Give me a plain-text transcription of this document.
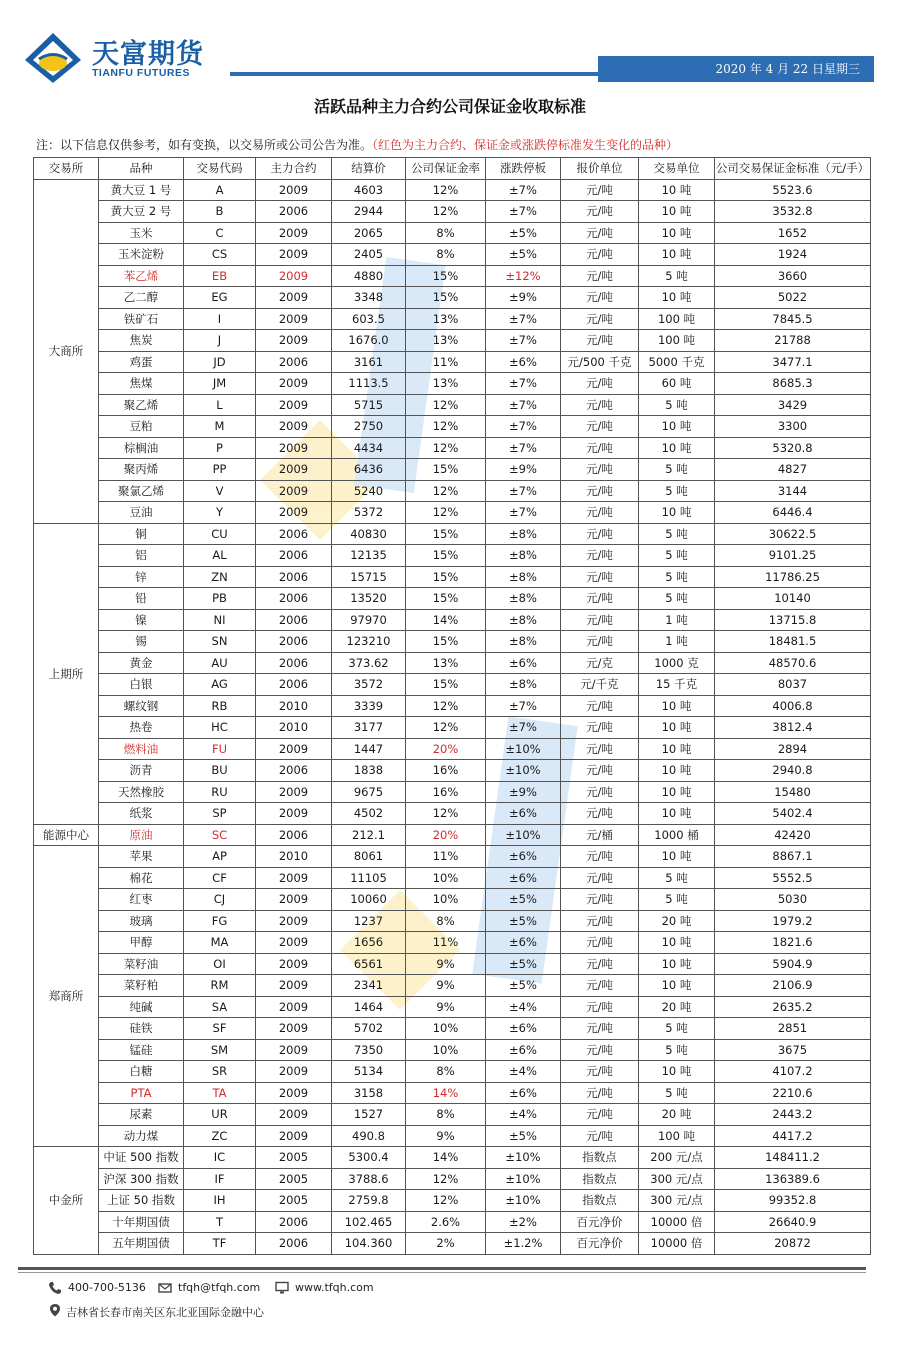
天富期货
TIANFU FUTURES	2020 年 4 月 22 日星期三
活跃品种主力合约公司保证金收取标准
注：以下信息仅供参考，如有变换，以交易所或公司公告为准。（红色为主力合约、保证金或涨跌停标准发生变化的品种）
交易所	品种	交易代码	主力合约	结算价	公司保证金率	涨跌停板	报价单位	交易单位	公司交易保证金标准（元/手）
大商所	黄大豆 1 号	A	2009	4603	12%	±7%	元/吨	10 吨	5523.6
	黄大豆 2 号	B	2006	2944	12%	±7%	元/吨	10 吨	3532.8
	玉米	C	2009	2065	8%	±5%	元/吨	10 吨	1652
	玉米淀粉	CS	2009	2405	8%	±5%	元/吨	10 吨	1924
	苯乙烯	EB	2009	4880	15%	±12%	元/吨	5 吨	3660
	乙二醇	EG	2009	3348	15%	±9%	元/吨	10 吨	5022
	铁矿石	I	2009	603.5	13%	±7%	元/吨	100 吨	7845.5
	焦炭	J	2009	1676.0	13%	±7%	元/吨	100 吨	21788
	鸡蛋	JD	2006	3161	11%	±6%	元/500 千克	5000 千克	3477.1
	焦煤	JM	2009	1113.5	13%	±7%	元/吨	60 吨	8685.3
	聚乙烯	L	2009	5715	12%	±7%	元/吨	5 吨	3429
	豆粕	M	2009	2750	12%	±7%	元/吨	10 吨	3300
	棕榈油	P	2009	4434	12%	±7%	元/吨	10 吨	5320.8
	聚丙烯	PP	2009	6436	15%	±9%	元/吨	5 吨	4827
	聚氯乙烯	V	2009	5240	12%	±7%	元/吨	5 吨	3144
	豆油	Y	2009	5372	12%	±7%	元/吨	10 吨	6446.4
上期所	铜	CU	2006	40830	15%	±8%	元/吨	5 吨	30622.5
	铝	AL	2006	12135	15%	±8%	元/吨	5 吨	9101.25
	锌	ZN	2006	15715	15%	±8%	元/吨	5 吨	11786.25
	铅	PB	2006	13520	15%	±8%	元/吨	5 吨	10140
	镍	NI	2006	97970	14%	±8%	元/吨	1 吨	13715.8
	锡	SN	2006	123210	15%	±8%	元/吨	1 吨	18481.5
	黄金	AU	2006	373.62	13%	±6%	元/克	1000 克	48570.6
	白银	AG	2006	3572	15%	±8%	元/千克	15 千克	8037
	螺纹钢	RB	2010	3339	12%	±7%	元/吨	10 吨	4006.8
	热卷	HC	2010	3177	12%	±7%	元/吨	10 吨	3812.4
	燃料油	FU	2009	1447	20%	±10%	元/吨	10 吨	2894
	沥青	BU	2006	1838	16%	±10%	元/吨	10 吨	2940.8
	天然橡胶	RU	2009	9675	16%	±9%	元/吨	10 吨	15480
	纸浆	SP	2009	4502	12%	±6%	元/吨	10 吨	5402.4
能源中心	原油	SC	2006	212.1	20%	±10%	元/桶	1000 桶	42420
郑商所	苹果	AP	2010	8061	11%	±6%	元/吨	10 吨	8867.1
	棉花	CF	2009	11105	10%	±6%	元/吨	5 吨	5552.5
	红枣	CJ	2009	10060	10%	±5%	元/吨	5 吨	5030
	玻璃	FG	2009	1237	8%	±5%	元/吨	20 吨	1979.2
	甲醇	MA	2009	1656	11%	±6%	元/吨	10 吨	1821.6
	菜籽油	OI	2009	6561	9%	±5%	元/吨	10 吨	5904.9
	菜籽粕	RM	2009	2341	9%	±5%	元/吨	10 吨	2106.9
	纯碱	SA	2009	1464	9%	±4%	元/吨	20 吨	2635.2
	硅铁	SF	2009	5702	10%	±6%	元/吨	5 吨	2851
	锰硅	SM	2009	7350	10%	±6%	元/吨	5 吨	3675
	白糖	SR	2009	5134	8%	±4%	元/吨	10 吨	4107.2
	PTA	TA	2009	3158	14%	±6%	元/吨	5 吨	2210.6
	尿素	UR	2009	1527	8%	±4%	元/吨	20 吨	2443.2
	动力煤	ZC	2009	490.8	9%	±5%	元/吨	100 吨	4417.2
中金所	中证 500 指数	IC	2005	5300.4	14%	±10%	指数点	200 元/点	148411.2
	沪深 300 指数	IF	2005	3788.6	12%	±10%	指数点	300 元/点	136389.6
	上证 50 指数	IH	2005	2759.8	12%	±10%	指数点	300 元/点	99352.8
	十年期国债	T	2006	102.465	2.6%	±2%	百元净价	10000 倍	26640.9
	五年期国债	TF	2006	104.360	2%	±1.2%	百元净价	10000 倍	20872
400-700-5136	tfqh@tfqh.com	www.tfqh.com
吉林省长春市南关区东北亚国际金融中心
